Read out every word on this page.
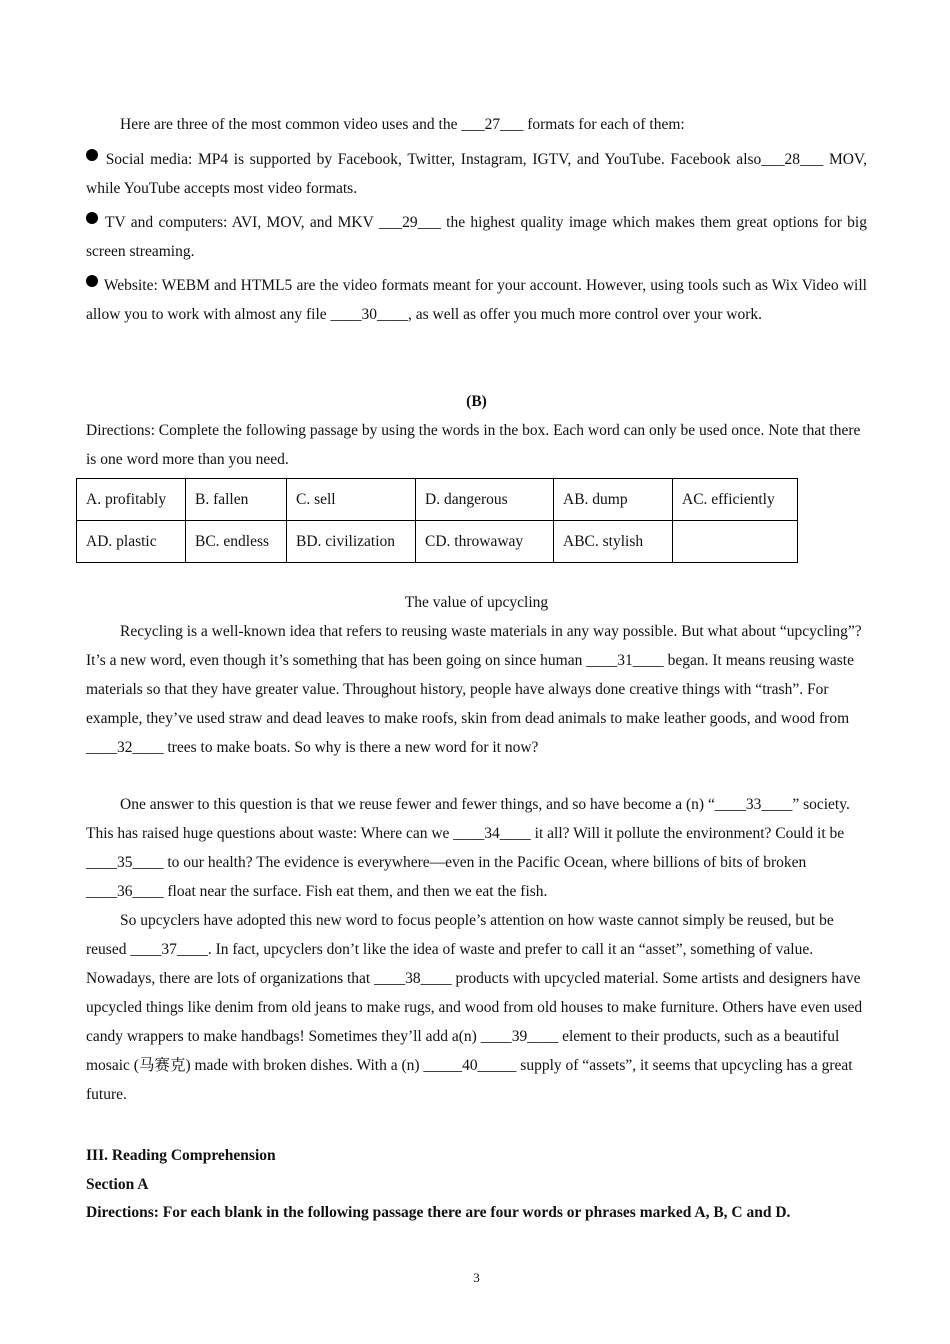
Here are three of the most common video uses and the ___27___ formats for each of them:
Social media: MP4 is supported by Facebook, Twitter, Instagram, IGTV, and YouTube. Facebook also___28___ MOV, while YouTube accepts most video formats.
TV and computers: AVI, MOV, and MKV ___29___ the highest quality image which makes them great options for big screen streaming.
Website: WEBM and HTML5 are the video formats meant for your account. However, using tools such as Wix Video will allow you to work with almost any file ____30____, as well as offer you much more control over your work.
(B)
Directions: Complete the following passage by using the words in the box. Each word can only be used once. Note that there is one word more than you need.
A. profitably	B. fallen	C. sell	D. dangerous	AB. dump	AC. efficiently
AD. plastic	BC. endless	BD. civilization	CD. throwaway	ABC. stylish	
The value of upcycling
Recycling is a well-known idea that refers to reusing waste materials in any way possible. But what about “upcycling”? It’s a new word, even though it’s something that has been going on since human ____31____ began. It means reusing waste materials so that they have greater value. Throughout history, people have always done creative things with “trash”. For example, they’ve used straw and dead leaves to make roofs, skin from dead animals to make leather goods, and wood from ____32____ trees to make boats. So why is there a new word for it now?
One answer to this question is that we reuse fewer and fewer things, and so have become a (n) “____33____” society. This has raised huge questions about waste: Where can we ____34____ it all? Will it pollute the environment? Could it be ____35____ to our health? The evidence is everywhere—even in the Pacific Ocean, where billions of bits of broken ____36____ float near the surface. Fish eat them, and then we eat the fish.
So upcyclers have adopted this new word to focus people’s attention on how waste cannot simply be reused, but be reused ____37____. In fact, upcyclers don’t like the idea of waste and prefer to call it an “asset”, something of value. Nowadays, there are lots of organizations that ____38____ products with upcycled material. Some artists and designers have upcycled things like denim from old jeans to make rugs, and wood from old houses to make furniture. Others have even used candy wrappers to make handbags! Sometimes they’ll add a(n) ____39____ element to their products, such as a beautiful mosaic (马赛克) made with broken dishes. With a (n) _____40_____ supply of “assets”, it seems that upcycling has a great future.
III. Reading Comprehension
Section A
Directions: For each blank in the following passage there are four words or phrases marked A, B, C and D.
3
